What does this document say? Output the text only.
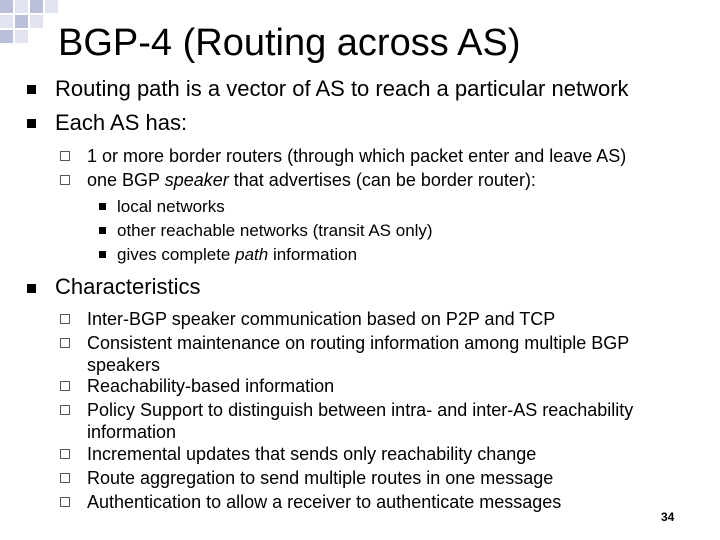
BGP-4 (Routing across AS)
Routing path is a vector of AS to reach a particular network
Each AS has:
1 or more border routers (through which packet enter and leave AS)
one BGP speaker that advertises (can be border router):
local networks
other reachable networks (transit AS only)
gives complete path information
Characteristics
Inter-BGP speaker communication based on P2P and TCP
Consistent maintenance on routing information among multiple BGP speakers
Reachability-based information
Policy Support to distinguish between intra- and inter-AS reachability information
Incremental updates that sends only reachability change
Route aggregation to send multiple routes in one message
Authentication to allow a receiver to authenticate messages
34
